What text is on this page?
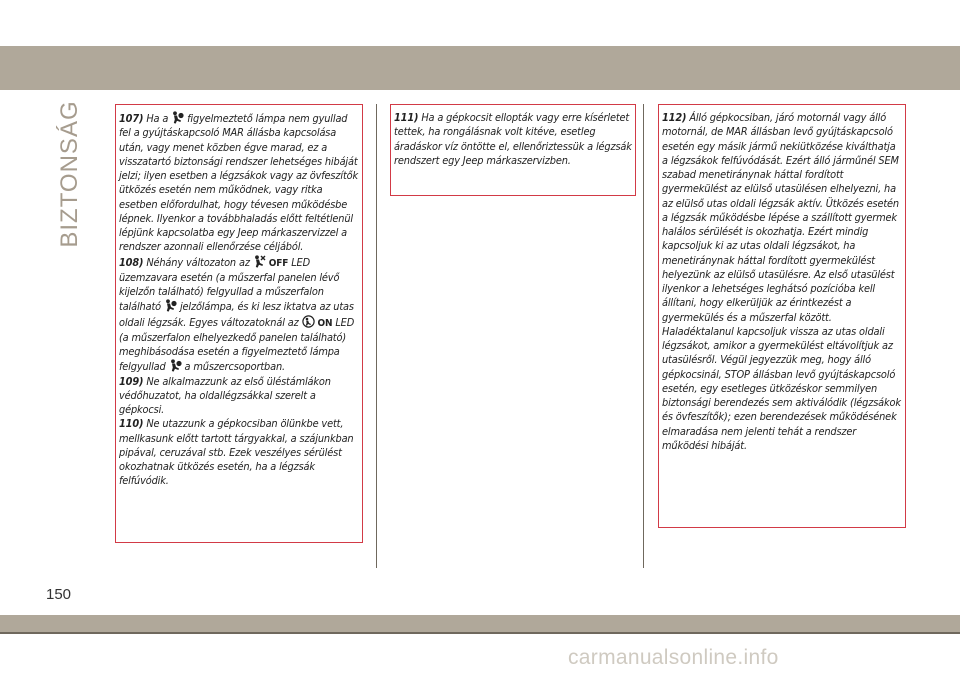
BIZTONSÁG	107) Ha a figyelmeztető lámpa nem gyullad fel a gyújtáskapcsoló MAR állásba kapcsolása után, vagy menet közben égve marad, ez a visszatartó biztonsági rendszer lehetséges hibáját jelzi; ilyen esetben a légzsákok vagy az övfeszítők ütközés esetén nem működnek, vagy ritka esetben előfordulhat, hogy tévesen működésbe lépnek. Ilyenkor a továbbhaladás előtt feltétlenül lépjünk kapcsolatba egy Jeep márkaszervizzel a rendszer azonnali ellenőrzése céljából.

108) Néhány változaton az OFF LED üzemzavara esetén (a műszerfal panelen lévő kijelzőn található) felgyullad a műszerfalon található jelzőlámpa, és ki lesz iktatva az utas oldali légzsák. Egyes változatoknál az ON LED (a műszerfalon elhelyezkedő panelen található) meghibásodása esetén a figyelmeztető lámpa felgyullad a műszercsoportban.

109) Ne alkalmazzunk az első üléstámlákon védőhuzatot, ha oldallégzsákkal szerelt a gépkocsi.

110) Ne utazzunk a gépkocsiban ölünkbe vett, mellkasunk előtt tartott tárgyakkal, a szájunkban pipával, ceruzával stb. Ezek veszélyes sérülést okozhatnak ütközés esetén, ha a légzsák felfúvódik.

111) Ha a gépkocsit ellopták vagy erre kísérletet tettek, ha rongálásnak volt kitéve, esetleg áradáskor víz öntötte el, ellenőriztessük a légzsák rendszert egy Jeep márkaszervizben.

112) Álló gépkocsiban, járó motornál vagy álló motornál, de MAR állásban levő gyújtáskapcsoló esetén egy másik jármű nekiütközése kiválthatja a légzsákok felfúvódását. Ezért álló járműnél SEM szabad menetiránynak háttal fordított gyermekülést az elülső utasülésen elhelyezni, ha az elülső utas oldali légzsák aktív. Ütközés esetén a légzsák működésbe lépése a szállított gyermek halálos sérülését is okozhatja. Ezért mindig kapcsoljuk ki az utas oldali légzsákot, ha menetiránynak háttal fordított gyermekülést helyezünk az elülső utasülésre. Az első utasülést ilyenkor a lehetséges leghátsó pozícióba kell állítani, hogy elkerüljük az érintkezést a gyermekülés és a műszerfal között. Haladéktalanul kapcsoljuk vissza az utas oldali légzsákot, amikor a gyermekülést eltávolítjuk az utasülésről. Végül jegyezzük meg, hogy álló gépkocsinál, STOP állásban levő gyújtáskapcsoló esetén, egy esetleges ütközéskor semmilyen biztonsági berendezés sem aktiválódik (légzsákok és övfeszítők); ezen berendezések működésének elmaradása nem jelenti tehát a rendszer működési hibáját.

150
carmanualsonline.info
